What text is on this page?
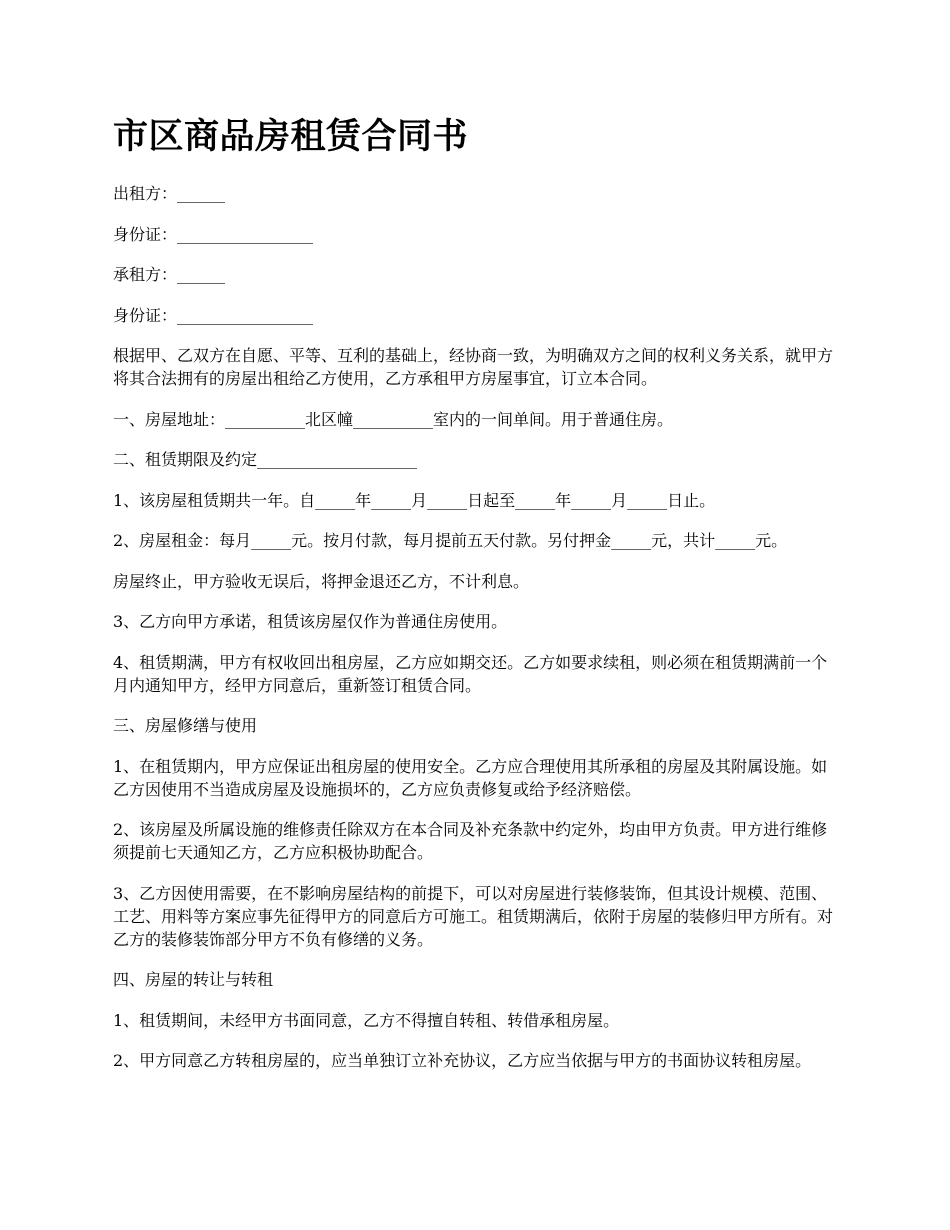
市区商品房租赁合同书

出租方：______

身份证：_________________

承租方：______

身份证：_________________

根据甲、乙双方在自愿、平等、互利的基础上，经协商一致，为明确双方之间的权利义务关系，就甲方将其合法拥有的房屋出租给乙方使用，乙方承租甲方房屋事宜，订立本合同。

一、房屋地址：__________北区幢__________室内的一间单间。用于普通住房。

二、租赁期限及约定____________________

1、该房屋租赁期共一年。自_____年_____月_____日起至_____年_____月_____日止。

2、房屋租金：每月_____元。按月付款，每月提前五天付款。另付押金_____元，共计_____元。

房屋终止，甲方验收无误后，将押金退还乙方，不计利息。

3、乙方向甲方承诺，租赁该房屋仅作为普通住房使用。

4、租赁期满，甲方有权收回出租房屋，乙方应如期交还。乙方如要求续租，则必须在租赁期满前一个月内通知甲方，经甲方同意后，重新签订租赁合同。

三、房屋修缮与使用

1、在租赁期内，甲方应保证出租房屋的使用安全。乙方应合理使用其所承租的房屋及其附属设施。如乙方因使用不当造成房屋及设施损坏的，乙方应负责修复或给予经济赔偿。

2、该房屋及所属设施的维修责任除双方在本合同及补充条款中约定外，均由甲方负责。甲方进行维修须提前七天通知乙方，乙方应积极协助配合。

3、乙方因使用需要，在不影响房屋结构的前提下，可以对房屋进行装修装饰，但其设计规模、范围、工艺、用料等方案应事先征得甲方的同意后方可施工。租赁期满后，依附于房屋的装修归甲方所有。对乙方的装修装饰部分甲方不负有修缮的义务。

四、房屋的转让与转租

1、租赁期间，未经甲方书面同意，乙方不得擅自转租、转借承租房屋。

2、甲方同意乙方转租房屋的，应当单独订立补充协议，乙方应当依据与甲方的书面协议转租房屋。
